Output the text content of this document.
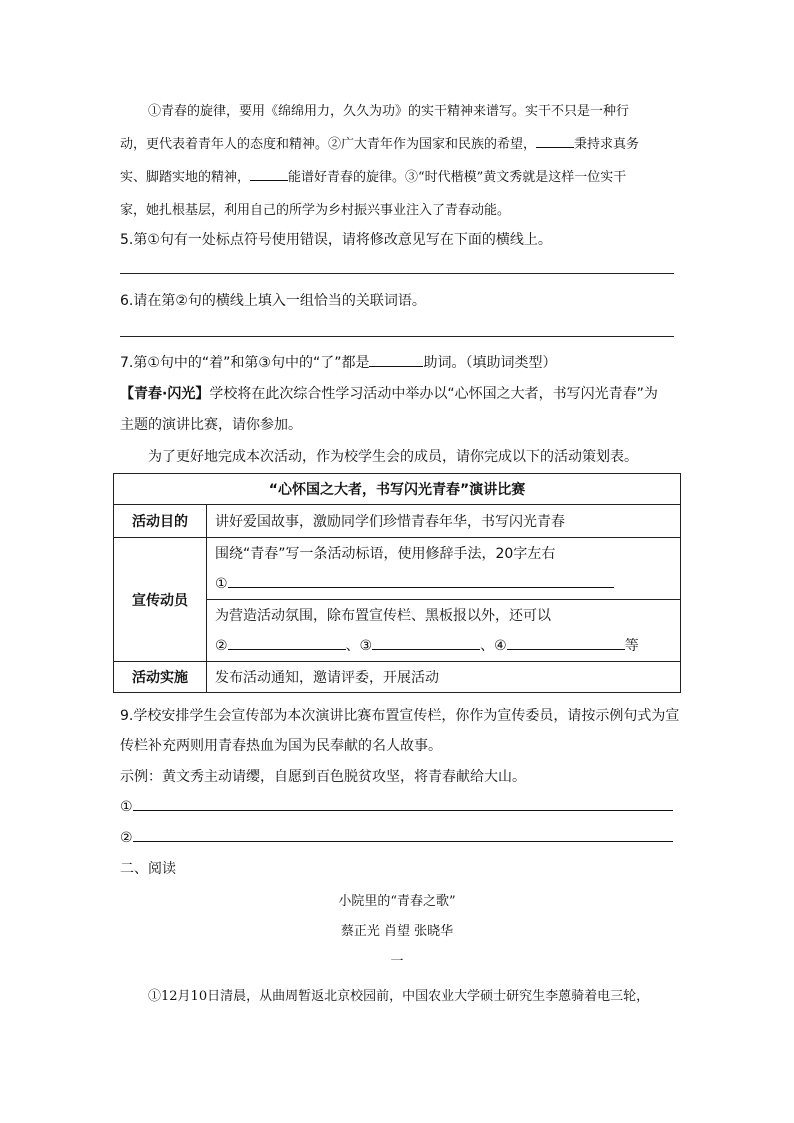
①青春的旋律，要用《绵绵用力，久久为功》的实干精神来谱写。实干不只是一种行
动，更代表着青年人的态度和精神。②广大青年作为国家和民族的希望，	秉持求真务
实、脚踏实地的精神，	能谱好青春的旋律。③“时代楷模”黄文秀就是这样一位实干
家，她扎根基层，利用自己的所学为乡村振兴事业注入了青春动能。
5.第①句有一处标点符号使用错误，请将修改意见写在下面的横线上。
6.请在第②句的横线上填入一组恰当的关联词语。
7.第①句中的“着”和第③句中的“了”都是	助词。（填助词类型）
【青春·闪光】学校将在此次综合性学习活动中举办以“心怀国之大者，书写闪光青春”为
主题的演讲比赛，请你参加。
为了更好地完成本次活动，作为校学生会的成员，请你完成以下的活动策划表。
“心怀国之大者，书写闪光青春”演讲比赛	
活动目的	讲好爱国故事，激励同学们珍惜青春年华，书写闪光青春
宣传动员	围绕“青春”写一条活动标语，使用修辞手法，20字左右
①

	为营造活动氛围，除布置宣传栏、黑板报以外，还可以
② 、③ 、④ 等

活动实施	发布活动通知，邀请评委，开展活动
9.学校安排学生会宣传部为本次演讲比赛布置宣传栏，你作为宣传委员，请按示例句式为宣
传栏补充两则用青春热血为国为民奉献的名人故事。
示例：黄文秀主动请缨，自愿到百色脱贫攻坚，将青春献给大山。
①
②
二、阅读
小院里的“青春之歌”
蔡正光 肖望 张晓华
一
①12月10日清晨，从曲周暂返北京校园前，中国农业大学硕士研究生李蒽骑着电三轮，
